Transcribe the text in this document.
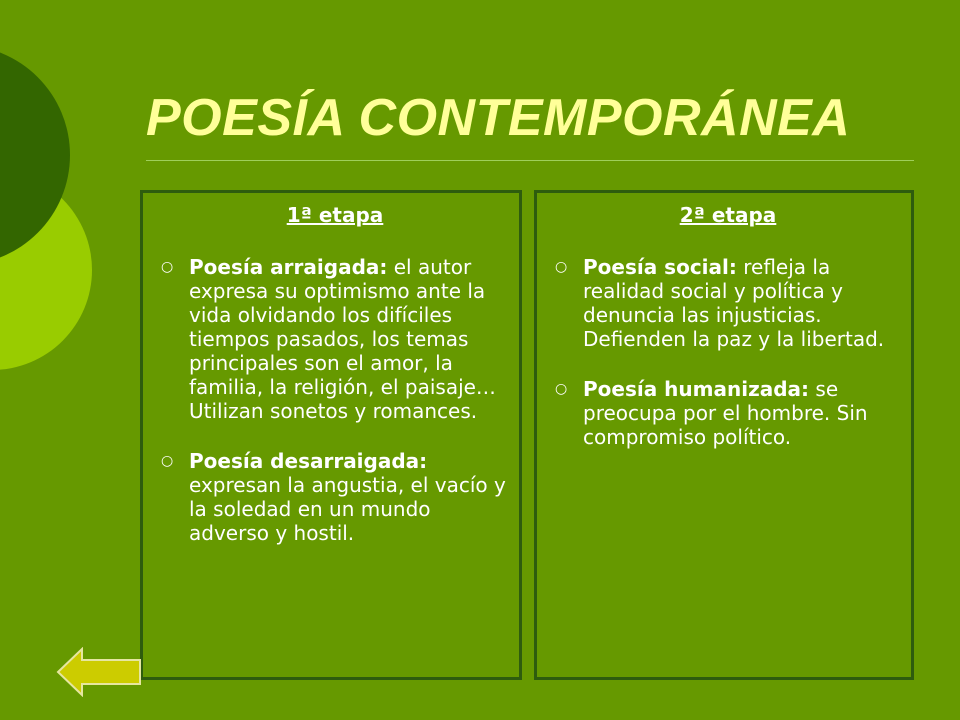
POESÍA CONTEMPORÁNEA
1ª etapa
○ Poesía arraigada: el autor expresa su optimismo ante la vida olvidando los difíciles tiempos pasados, los temas principales son el amor, la familia, la religión, el paisaje… Utilizan sonetos y romances.
○ Poesía desarraigada: expresan la angustia, el vacío y la soledad en un mundo adverso y hostil.
2ª etapa
○ Poesía social: refleja la realidad social y política y denuncia las injusticias. Defienden la paz y la libertad.
○ Poesía humanizada: se preocupa por el hombre. Sin compromiso político.
